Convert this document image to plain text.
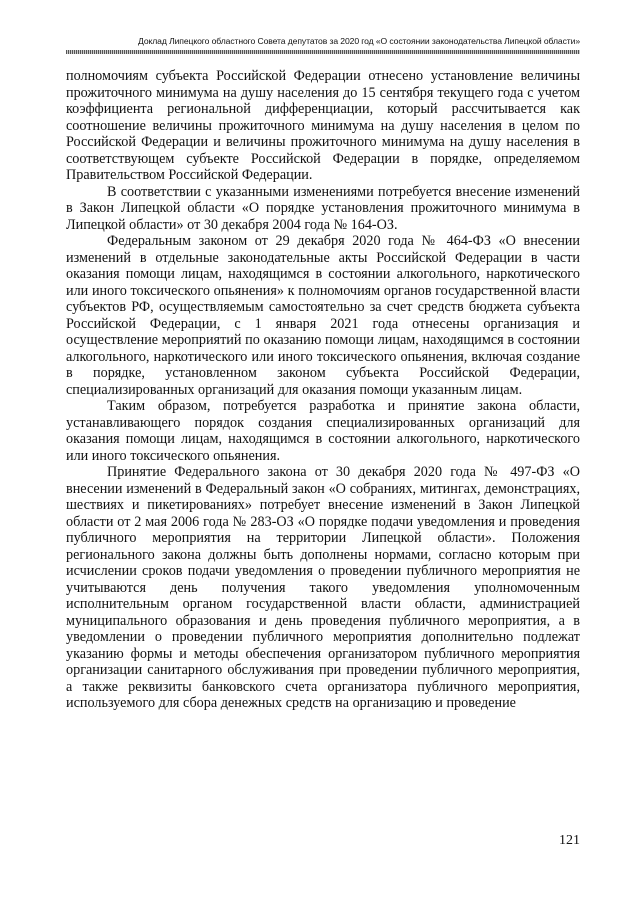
Доклад Липецкого областного Совета депутатов за 2020 год «О состоянии законодательства Липецкой области»

полномочиям субъекта Российской Федерации отнесено установление величины прожиточного минимума на душу населения до 15 сентября текущего года с учетом коэффициента региональной дифференциации, который рассчитывается как соотношение величины прожиточного минимума на душу населения в целом по Российской Федерации и величины прожиточного минимума на душу населения в соответствующем субъекте Российской Федерации в порядке, определяемом Правительством Российской Федерации.

В соответствии с указанными изменениями потребуется внесение изменений в Закон Липецкой области «О порядке установления прожиточного минимума в Липецкой области» от 30 декабря 2004 года № 164-ОЗ.

Федеральным законом от 29 декабря 2020 года № 464-ФЗ «О внесении изменений в отдельные законодательные акты Российской Федерации в части оказания помощи лицам, находящимся в состоянии алкогольного, наркотического или иного токсического опьянения» к полномочиям органов государственной власти субъектов РФ, осуществляемым самостоятельно за счет средств бюджета субъекта Российской Федерации, с 1 января 2021 года отнесены организация и осуществление мероприятий по оказанию помощи лицам, находящимся в состоянии алкогольного, наркотического или иного токсического опьянения, включая создание в порядке, установленном законом субъекта Российской Федерации, специализированных организаций для оказания помощи указанным лицам.

Таким образом, потребуется разработка и принятие закона области, устанавливающего порядок создания специализированных организаций для оказания помощи лицам, находящимся в состоянии алкогольного, наркотического или иного токсического опьянения.

Принятие Федерального закона от 30 декабря 2020 года № 497-ФЗ «О внесении изменений в Федеральный закон «О собраниях, митингах, демонстрациях, шествиях и пикетированиях» потребует внесение изменений в Закон Липецкой области от 2 мая 2006 года № 283-ОЗ «О порядке подачи уведомления и проведения публичного мероприятия на территории Липецкой области». Положения регионального закона должны быть дополнены нормами, согласно которым при исчислении сроков подачи уведомления о проведении публичного мероприятия не учитываются день получения такого уведомления уполномоченным исполнительным органом государственной власти области, администрацией муниципального образования и день проведения публичного мероприятия, а в уведомлении о проведении публичного мероприятия дополнительно подлежат указанию формы и методы обеспечения организатором публичного мероприятия организации санитарного обслуживания при проведении публичного мероприятия, а также реквизиты банковского счета организатора публичного мероприятия, используемого для сбора денежных средств на организацию и проведение

121
